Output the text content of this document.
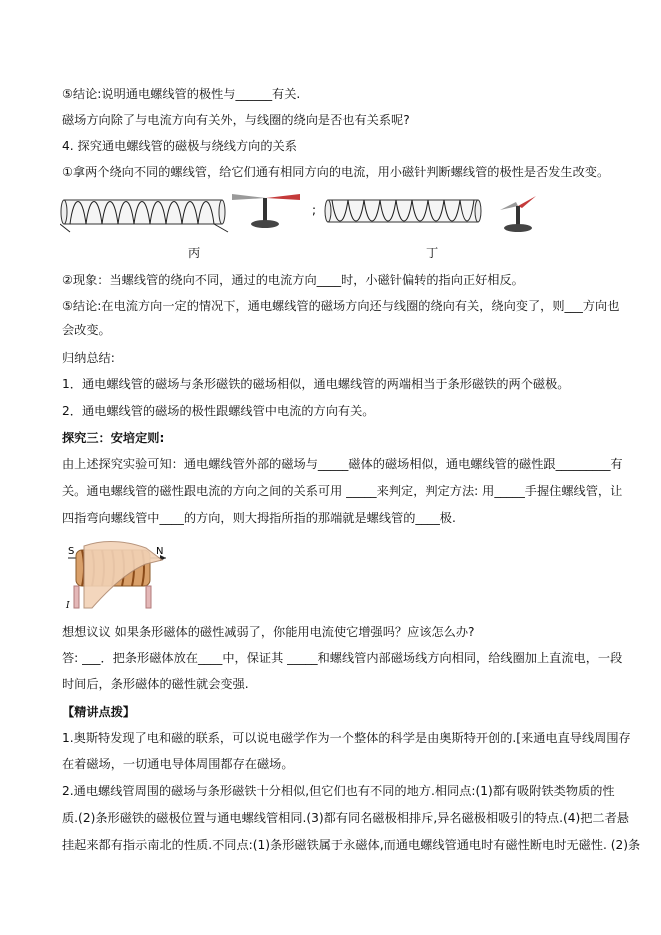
⑤结论:说明通电螺线管的极性与______有关.
磁场方向除了与电流方向有关外，与线圈的绕向是否也有关系呢?
4. 探究通电螺线管的磁极与绕线方向的关系
①拿两个绕向不同的螺线管，给它们通有相同方向的电流，用小磁针判断螺线管的极性是否发生改变。
;
丙	丁
②现象：当螺线管的绕向不同，通过的电流方向____时，小磁针偏转的指向正好相反。
⑤结论:在电流方向一定的情况下，通电螺线管的磁场方向还与线圈的绕向有关，绕向变了，则___方向也
会改变。
归纳总结:
1．通电螺线管的磁场与条形磁铁的磁场相似，通电螺线管的两端相当于条形磁铁的两个磁极。
2．通电螺线管的磁场的极性跟螺线管中电流的方向有关。
探究三：安培定则:
由上述探究实验可知：通电螺线管外部的磁场与_____磁体的磁场相似，通电螺线管的磁性跟_________有
关。通电螺线管的磁性跟电流的方向之间的关系可用 _____来判定，判定方法: 用_____手握住螺线管，让
四指弯向螺线管中____的方向，则大拇指所指的那端就是螺线管的____极.
S	N
I
想想议议 如果条形磁体的磁性减弱了，你能用电流使它增强吗？应该怎么办?
答: ___．把条形磁体放在____中，保证其 _____和螺线管内部磁场线方向相同，给线圈加上直流电，一段
时间后，条形磁体的磁性就会变强.
【精讲点拨】
1.奥斯特发现了电和磁的联系，可以说电磁学作为一个整体的科学是由奥斯特开创的.[来通电直导线周围存
在着磁场，一切通电导体周围都存在磁场。
2.通电螺线管周围的磁场与条形磁铁十分相似,但它们也有不同的地方.相同点:(1)都有吸附铁类物质的性
质.(2)条形磁铁的磁极位置与通电螺线管相同.(3)都有同名磁极相排斥,异名磁极相吸引的特点.(4)把二者悬
挂起来都有指示南北的性质.不同点:(1)条形磁铁属于永磁体,而通电螺线管通电时有磁性断电时无磁性. (2)条
